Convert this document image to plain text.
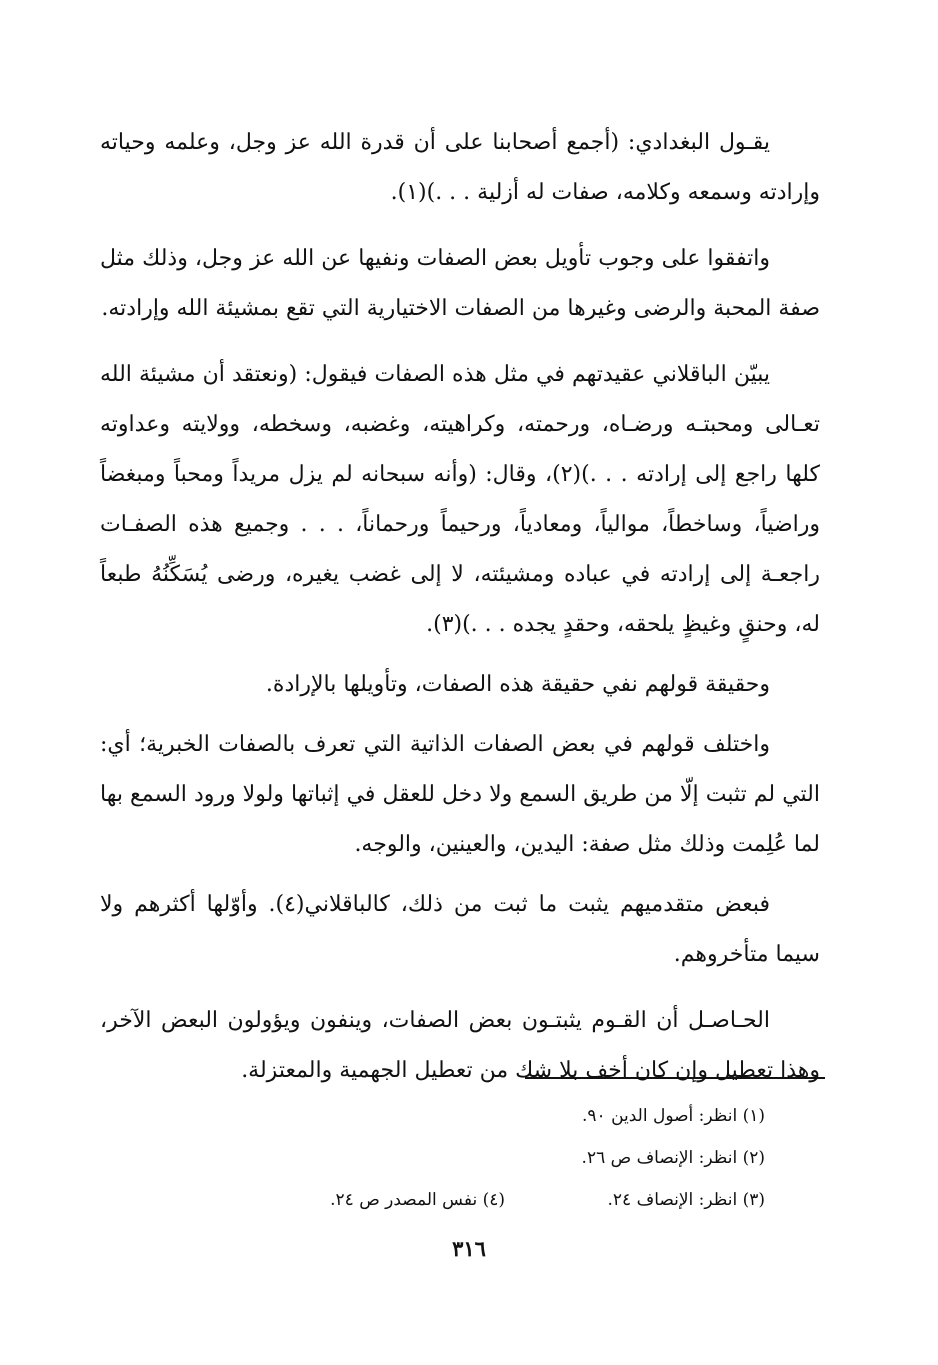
يقـول البغدادي: (أجمع أصحابنا على أن قدرة الله عز وجل، وعلمه وحياته وإرادته وسمعه وكلامه، صفات له أزلية . . .)(١).

واتفقوا على وجوب تأويل بعض الصفات ونفيها عن الله عز وجل، وذلك مثل صفة المحبة والرضى وغيرها من الصفات الاختيارية التي تقع بمشيئة الله وإرادته.

يبيّن الباقلاني عقيدتهم في مثل هذه الصفات فيقول: (ونعتقد أن مشيئة الله تعـالى ومحبتـه ورضـاه، ورحمته، وكراهيته، وغضبه، وسخطه، وولايته وعداوته كلها راجع إلى إرادته . . .)(٢)، وقال: (وأنه سبحانه لم يزل مريداً ومحباً ومبغضاً وراضياً، وساخطاً، موالياً، ومعادياً، ورحيماً ورحماناً، . . . وجميع هذه الصفـات راجعـة إلى إرادته في عباده ومشيئته، لا إلى غضب يغيره، ورضى يُسَكِّنُهُ طبعاً له، وحنقٍ وغيظٍ يلحقه، وحقدٍ يجده . . .)(٣).

وحقيقة قولهم نفي حقيقة هذه الصفات، وتأويلها بالإرادة.

واختلف قولهم في بعض الصفات الذاتية التي تعرف بالصفات الخبرية؛ أي: التي لم تثبت إلّا من طريق السمع ولا دخل للعقل في إثباتها ولولا ورود السمع بها لما عُلِمت وذلك مثل صفة: اليدين، والعينين، والوجه.

فبعض متقدميهم يثبت ما ثبت من ذلك، كالباقلاني(٤). وأوّلها أكثرهم ولا سيما متأخروهم.

الحـاصـل أن القـوم يثبتـون بعض الصفات، وينفون ويؤولون البعض الآخر، وهذا تعطيل وإن كان أخف بلا شك من تعطيل الجهمية والمعتزلة.

(١) انظر: أصول الدين ٩٠.
(٢) انظر: الإنصاف ص ٢٦.
(٣) انظر: الإنصاف ٢٤.
(٤) نفس المصدر ص ٢٤.
٣١٦
